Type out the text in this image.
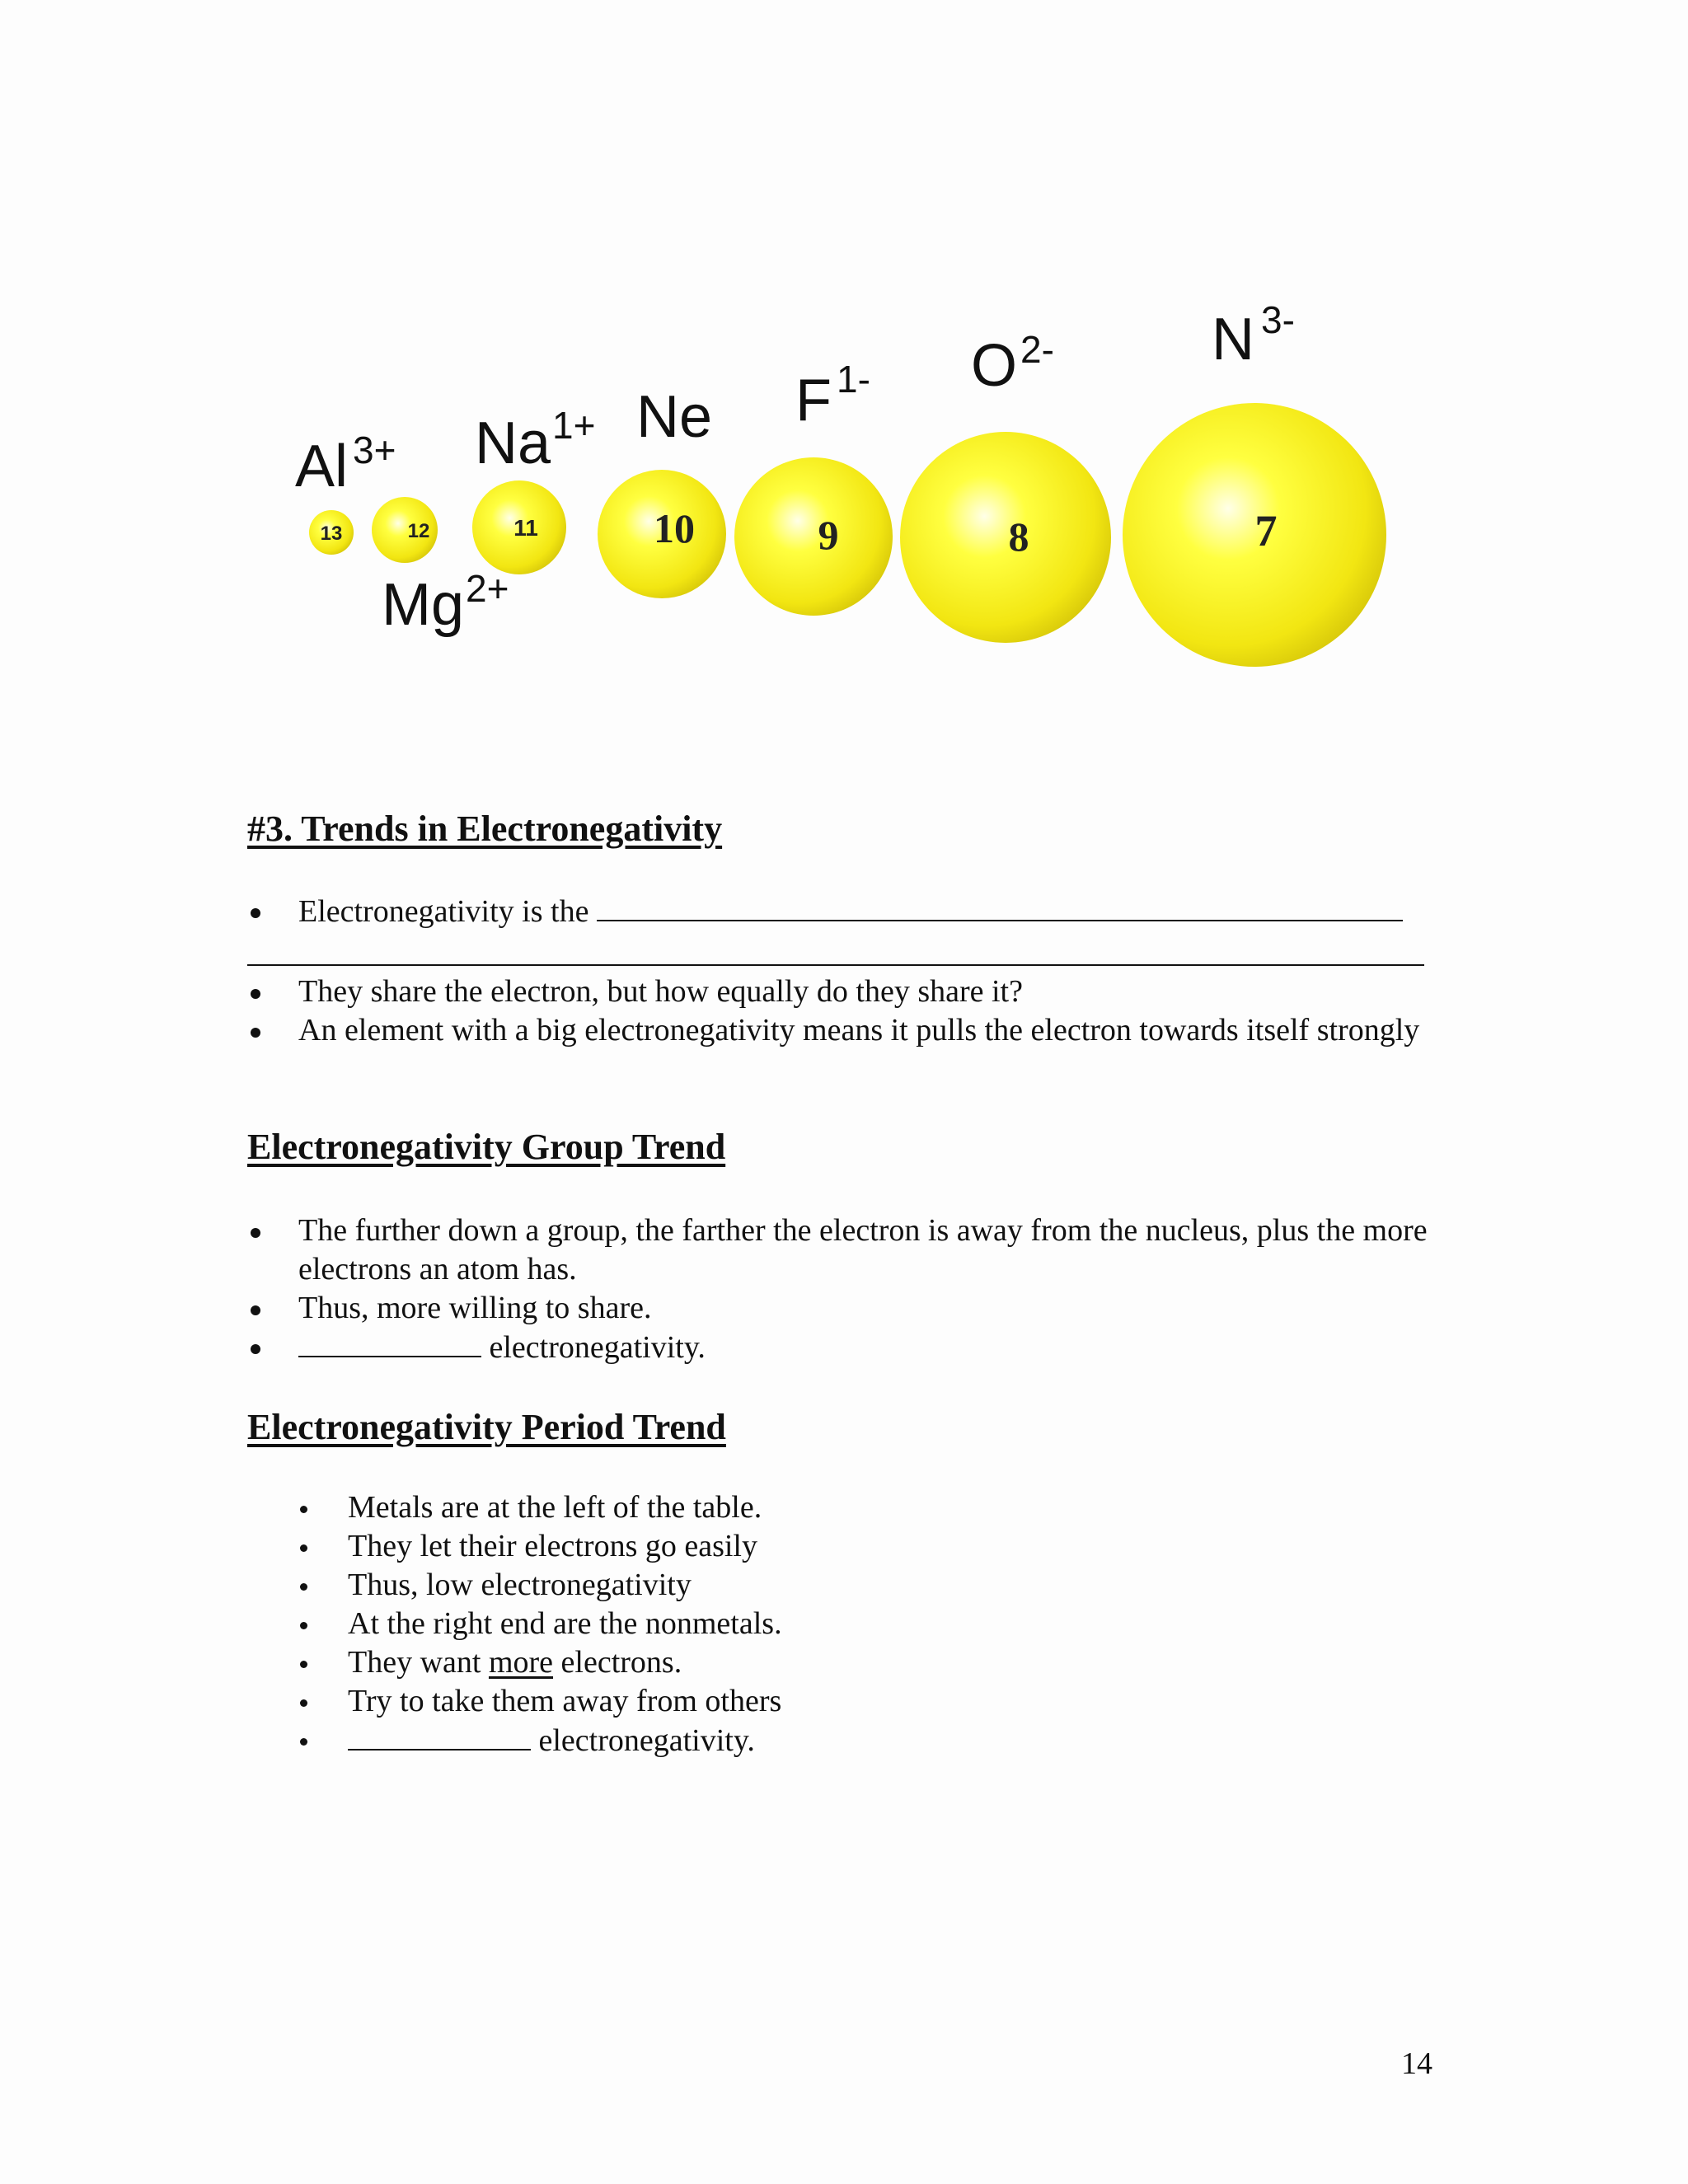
13
Al 3+
12
Mg 2+
11
Na 1+
10
Ne
9
F 1-
8
O 2-
7
N 3-
#3. Trends in Electronegativity
Electronegativity is the
They share the electron, but how equally do they share it?
An element with a big electronegativity means it pulls the electron towards itself strongly
Electronegativity Group Trend
The further down a group, the farther the electron is away from the nucleus, plus the more electrons an atom has.
Thus, more willing to share.
electronegativity.
Electronegativity Period Trend
Metals are at the left of the table.
They let their electrons go easily
Thus, low electronegativity
At the right end are the nonmetals.
They want more electrons.
Try to take them away from others
electronegativity.
14
